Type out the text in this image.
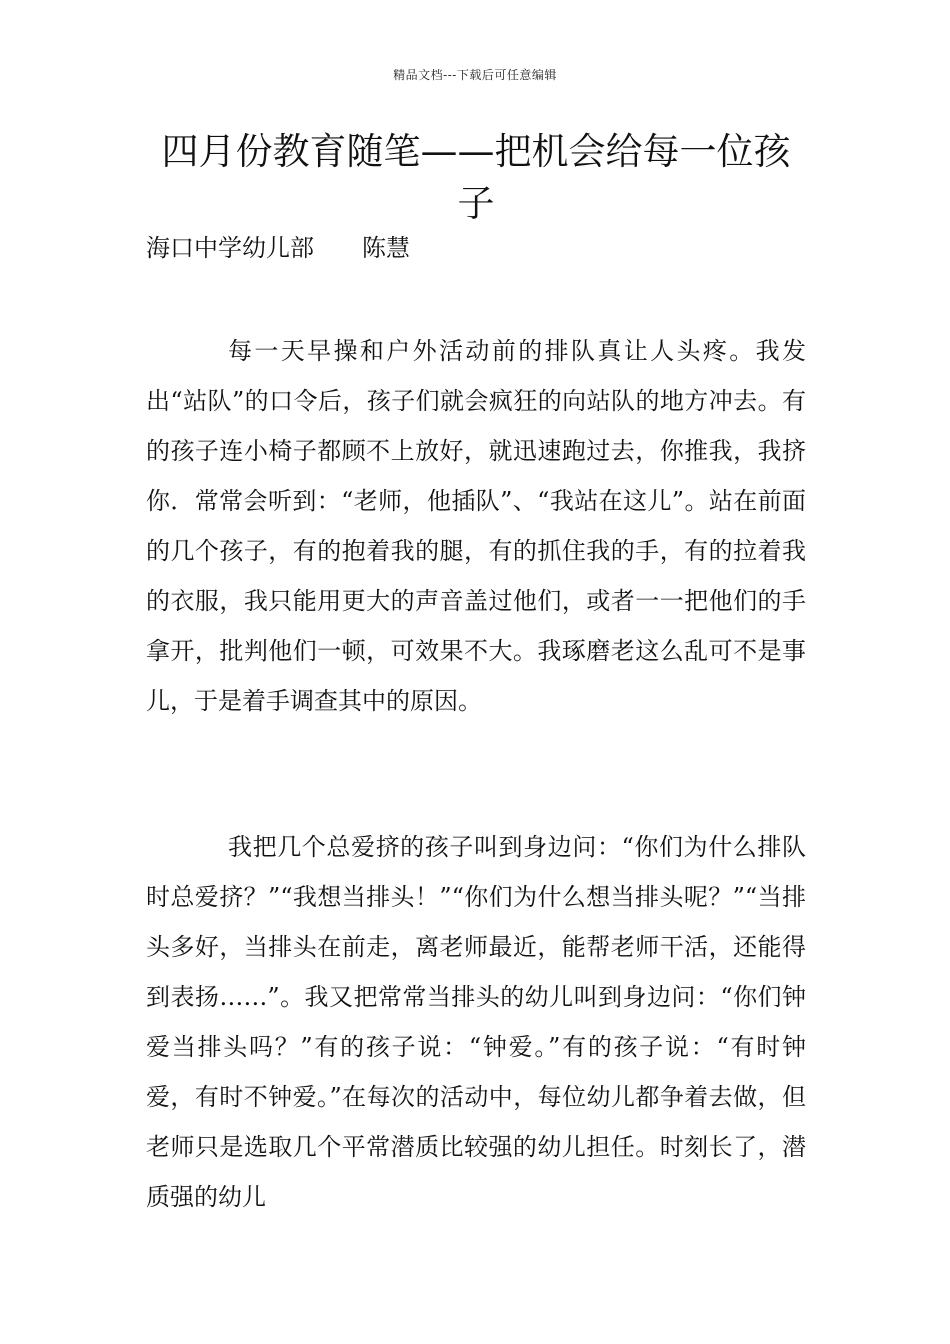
精品文档---下载后可任意编辑
四月份教育随笔——把机会给每一位孩子
海口中学幼儿部　　陈慧

每一天早操和户外活动前的排队真让人头疼。我发出“站队”的口令后，孩子们就会疯狂的向站队的地方冲去。有的孩子连小椅子都顾不上放好，就迅速跑过去，你推我，我挤你．常常会听到：“老师，他插队”、“我站在这儿”。站在前面的几个孩子，有的抱着我的腿，有的抓住我的手，有的拉着我的衣服，我只能用更大的声音盖过他们，或者一一把他们的手拿开，批判他们一顿，可效果不大。我琢磨老这么乱可不是事儿，于是着手调查其中的原因。

我把几个总爱挤的孩子叫到身边问：“你们为什么排队时总爱挤？”“我想当排头！”“你们为什么想当排头呢？”“当排头多好，当排头在前走，离老师最近，能帮老师干活，还能得到表扬……”。我又把常常当排头的幼儿叫到身边问：“你们钟爱当排头吗？”有的孩子说：“钟爱。”有的孩子说：“有时钟爱，有时不钟爱。”在每次的活动中，每位幼儿都争着去做，但老师只是选取几个平常潜质比较强的幼儿担任。时刻长了，潜质强的幼儿
